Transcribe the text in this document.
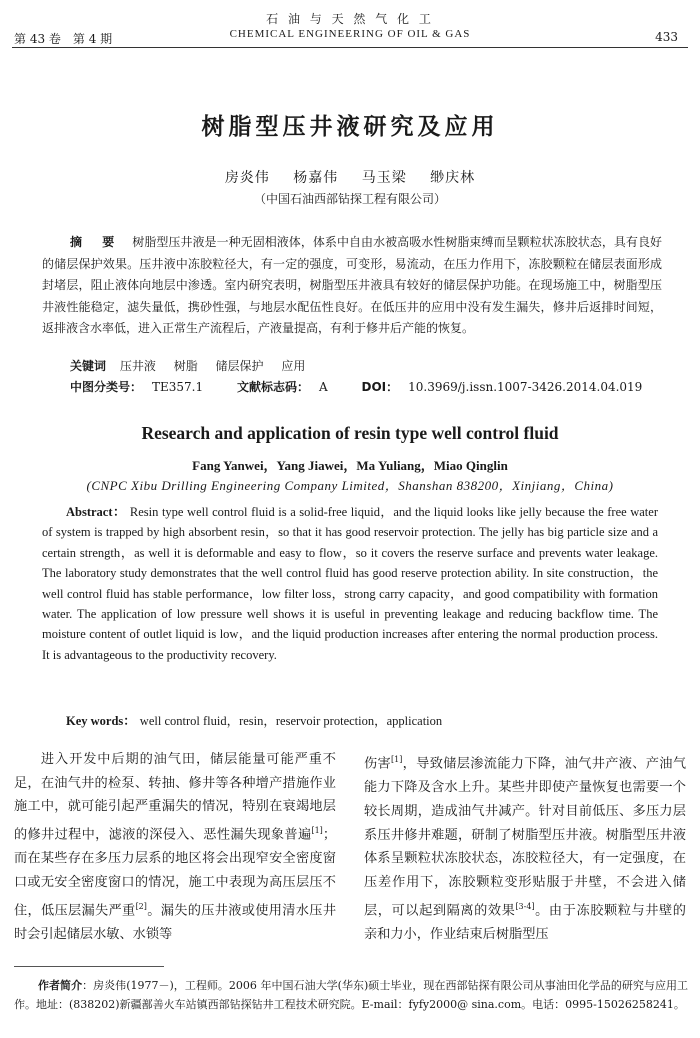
第 43 卷　第 4 期
石 油 与 天 然 气 化 工
CHEMICAL ENGINEERING OF OIL & GAS	433
树脂型压井液研究及应用
房炎伟 杨嘉伟 马玉梁 缈庆林
（中国石油西部钻探工程有限公司）
摘 要 树脂型压井液是一种无固相液体，体系中自由水被高吸水性树脂束缚而呈颗粒状冻胶状态，具有良好的储层保护效果。压井液中冻胶粒径大，有一定的强度，可变形，易流动，在压力作用下，冻胶颗粒在储层表面形成封堵层，阻止液体向地层中渗透。室内研究表明，树脂型压井液具有较好的储层保护功能。在现场施工中，树脂型压井液性能稳定，滤失量低，携砂性强，与地层水配伍性良好。在低压井的应用中没有发生漏失，修井后返排时间短，返排液含水率低，进入正常生产流程后，产液量提高，有利于修井后产能的恢复。
关键词 压井液 树脂 储层保护 应用
中图分类号： TE357.1	文献标志码： A	DOI： 10.3969/j.issn.1007-3426.2014.04.019
Research and application of resin type well control fluid
Fang Yanwei，Yang Jiawei，Ma Yuliang，Miao Qinglin
(CNPC Xibu Drilling Engineering Company Limited，Shanshan 838200，Xinjiang，China)
Abstract： Resin type well control fluid is a solid-free liquid，and the liquid looks like jelly because the free water of system is trapped by high absorbent resin，so that it has good reservoir protection. The jelly has big particle size and a certain strength，as well it is deformable and easy to flow，so it covers the reserve surface and prevents water leakage. The laboratory study demonstrates that the well control fluid has good reserve protection ability. In site construction，the well control fluid has stable performance，low filter loss，strong carry capacity，and good compatibility with formation water. The application of low pressure well shows it is useful in preventing leakage and reducing backflow time. The moisture content of outlet liquid is low，and the liquid production increases after entering the normal production process. It is advantageous to the productivity recovery.
Key words： well control fluid，resin，reservoir protection，application
进入开发中后期的油气田，储层能量可能严重不足，在油气井的检泵、转抽、修井等各种增产措施作业施工中，就可能引起严重漏失的情况，特别在衰竭地层的修井过程中，滤液的深侵入、恶性漏失现象普遍[1]；而在某些存在多压力层系的地区将会出现窄安全密度窗口或无安全密度窗口的情况，施工中表现为高压层压不住，低压层漏失严重[2]。漏失的压井液或使用清水压井时会引起储层水敏、水锁等
伤害[1]，导致储层渗流能力下降，油气井产液、产油气能力下降及含水上升。某些井即使产量恢复也需要一个较长周期，造成油气井减产。针对目前低压、多压力层系压井修井难题，研制了树脂型压井液。树脂型压井液体系呈颗粒状冻胶状态，冻胶粒径大，有一定强度，在压差作用下，冻胶颗粒变形贴服于井壁，不会进入储层，可以起到隔离的效果[3-4]。由于冻胶颗粒与井壁的亲和力小，作业结束后树脂型压
作者简介：房炎伟(1977－)，工程师。2006 年中国石油大学(华东)硕士毕业，现在西部钻探有限公司从事油田化学品的研究与应用工作。地址：(838202)新疆鄯善火车站镇西部钻探钻井工程技术研究院。E-mail：fyfy2000@ sina.com。电话：0995-15026258241。
